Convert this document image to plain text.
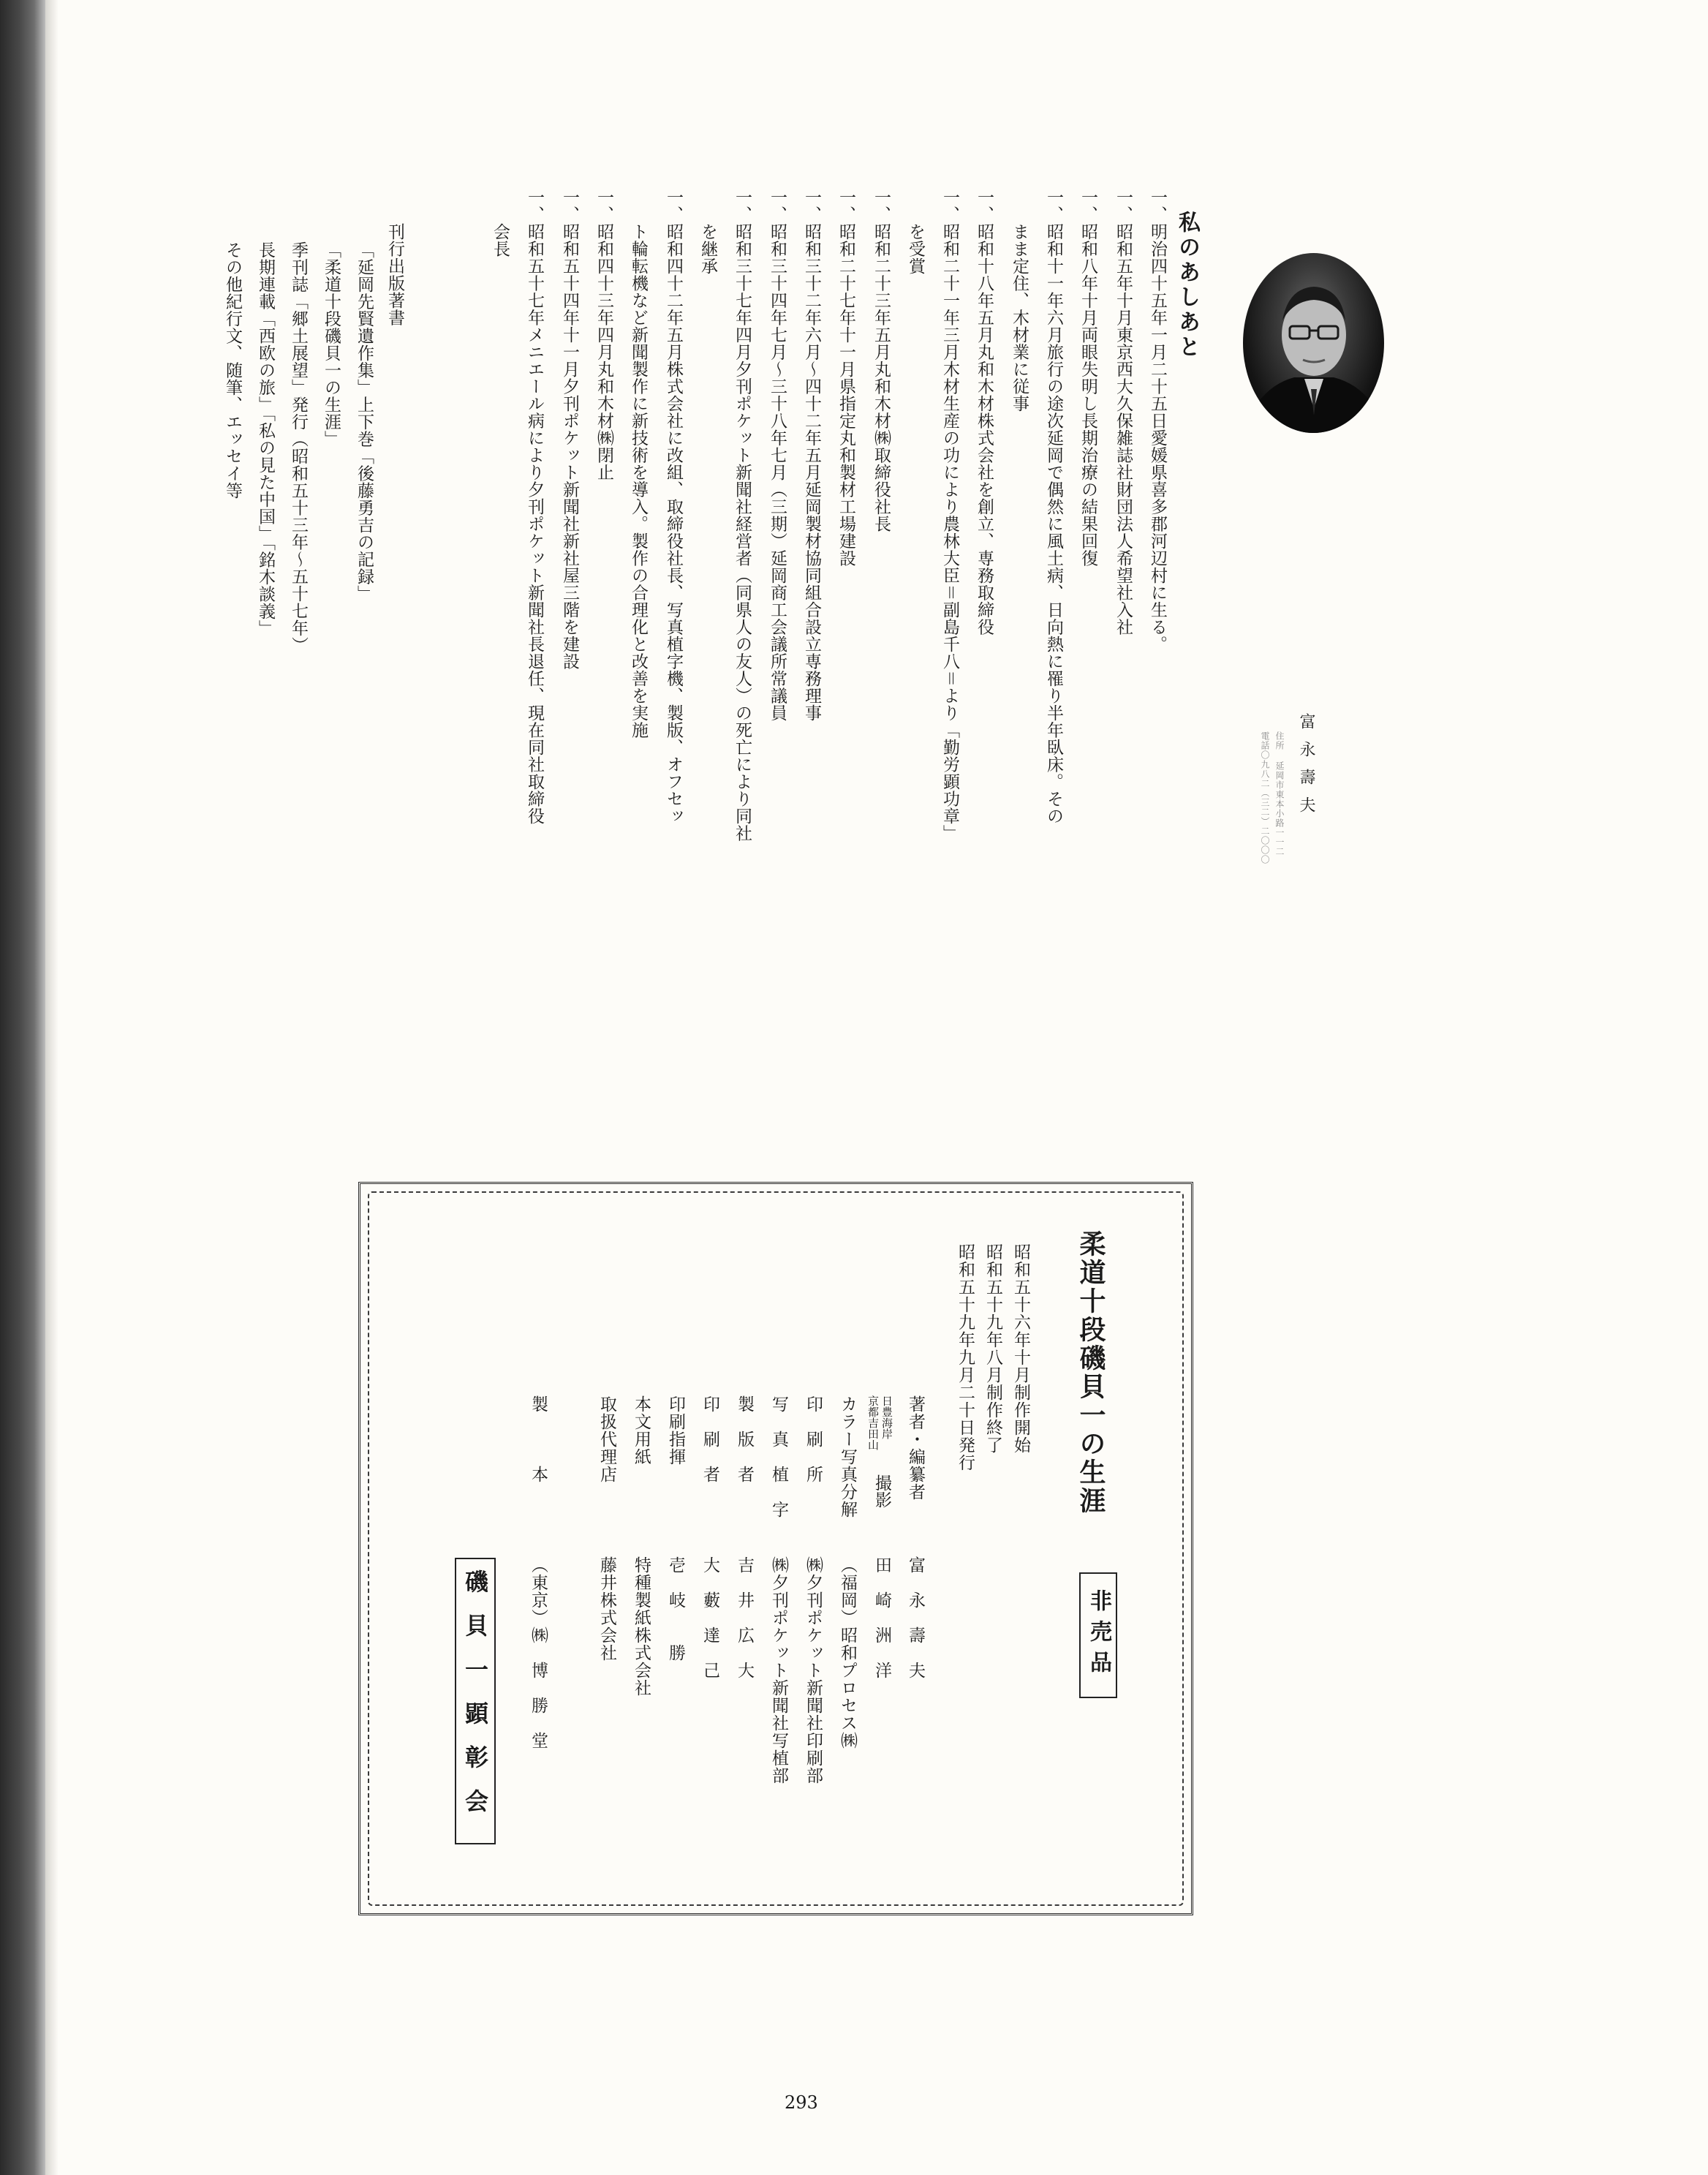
富永壽夫
住所 延岡市東本小路一一二
電話〇九八二（三二）二〇〇〇
私のあしあと
一、明治四十五年一月二十五日愛媛県喜多郡河辺村に生る。
一、昭和五年十月東京西大久保雑誌社財団法人希望社入社
一、昭和八年十月両眼失明し長期治療の結果回復
一、昭和十一年六月旅行の途次延岡で偶然に風土病、日向熱に罹り半年臥床。その
　　まま定住、木材業に従事
一、昭和十八年五月丸和木材株式会社を創立、専務取締役
一、昭和二十一年三月木材生産の功により農林大臣＝副島千八＝より「勤労顕功章」
　　を受賞
一、昭和二十三年五月丸和木材㈱取締役社長
一、昭和二十七年十一月県指定丸和製材工場建設
一、昭和三十二年六月〜四十二年五月延岡製材協同組合設立専務理事
一、昭和三十四年七月〜三十八年七月（三期）延岡商工会議所常議員
一、昭和三十七年四月夕刊ポケット新聞社経営者（同県人の友人）の死亡により同社
　　を継承
一、昭和四十二年五月株式会社に改組、取締役社長、写真植字機、製版、オフセッ
　　ト輪転機など新聞製作に新技術を導入。製作の合理化と改善を実施
一、昭和四十三年四月丸和木材㈱閉止
一、昭和五十四年十一月夕刊ポケット新聞社新社屋三階を建設
一、昭和五十七年メニエール病により夕刊ポケット新聞社長退任、現在同社取締役
　　会長
刊行出版著書
「延岡先賢遺作集」上下巻「後藤勇吉の記録」
「柔道十段磯貝一の生涯」
季刊誌「郷土展望」発行（昭和五十三年〜五十七年）
長期連載「西欧の旅」「私の見た中国」「銘木談義」
その他紀行文、随筆、エッセイ等
柔道十段磯貝一の生涯
非売品
昭和五十六年十月制作開始
昭和五十九年八月制作終了
昭和五十九年九月二十日発行
著者・編纂者
富　永　壽　夫
日豊海岸
京都吉田山
撮影
田　崎　洲　洋
カラー写真分解
（福岡）昭和プロセス㈱
印　刷　所
㈱夕刊ポケット新聞社印刷部
写　真　植　字
㈱夕刊ポケット新聞社写植部
製　版　者
吉　井　広　大
印　刷　者
大　藪　達　己
印刷指揮
壱　岐　　勝
本文用紙
特種製紙株式会社
取扱代理店
藤井株式会社
製　　　本
（東京）㈱　博　勝　堂
磯貝一顕彰会
293
